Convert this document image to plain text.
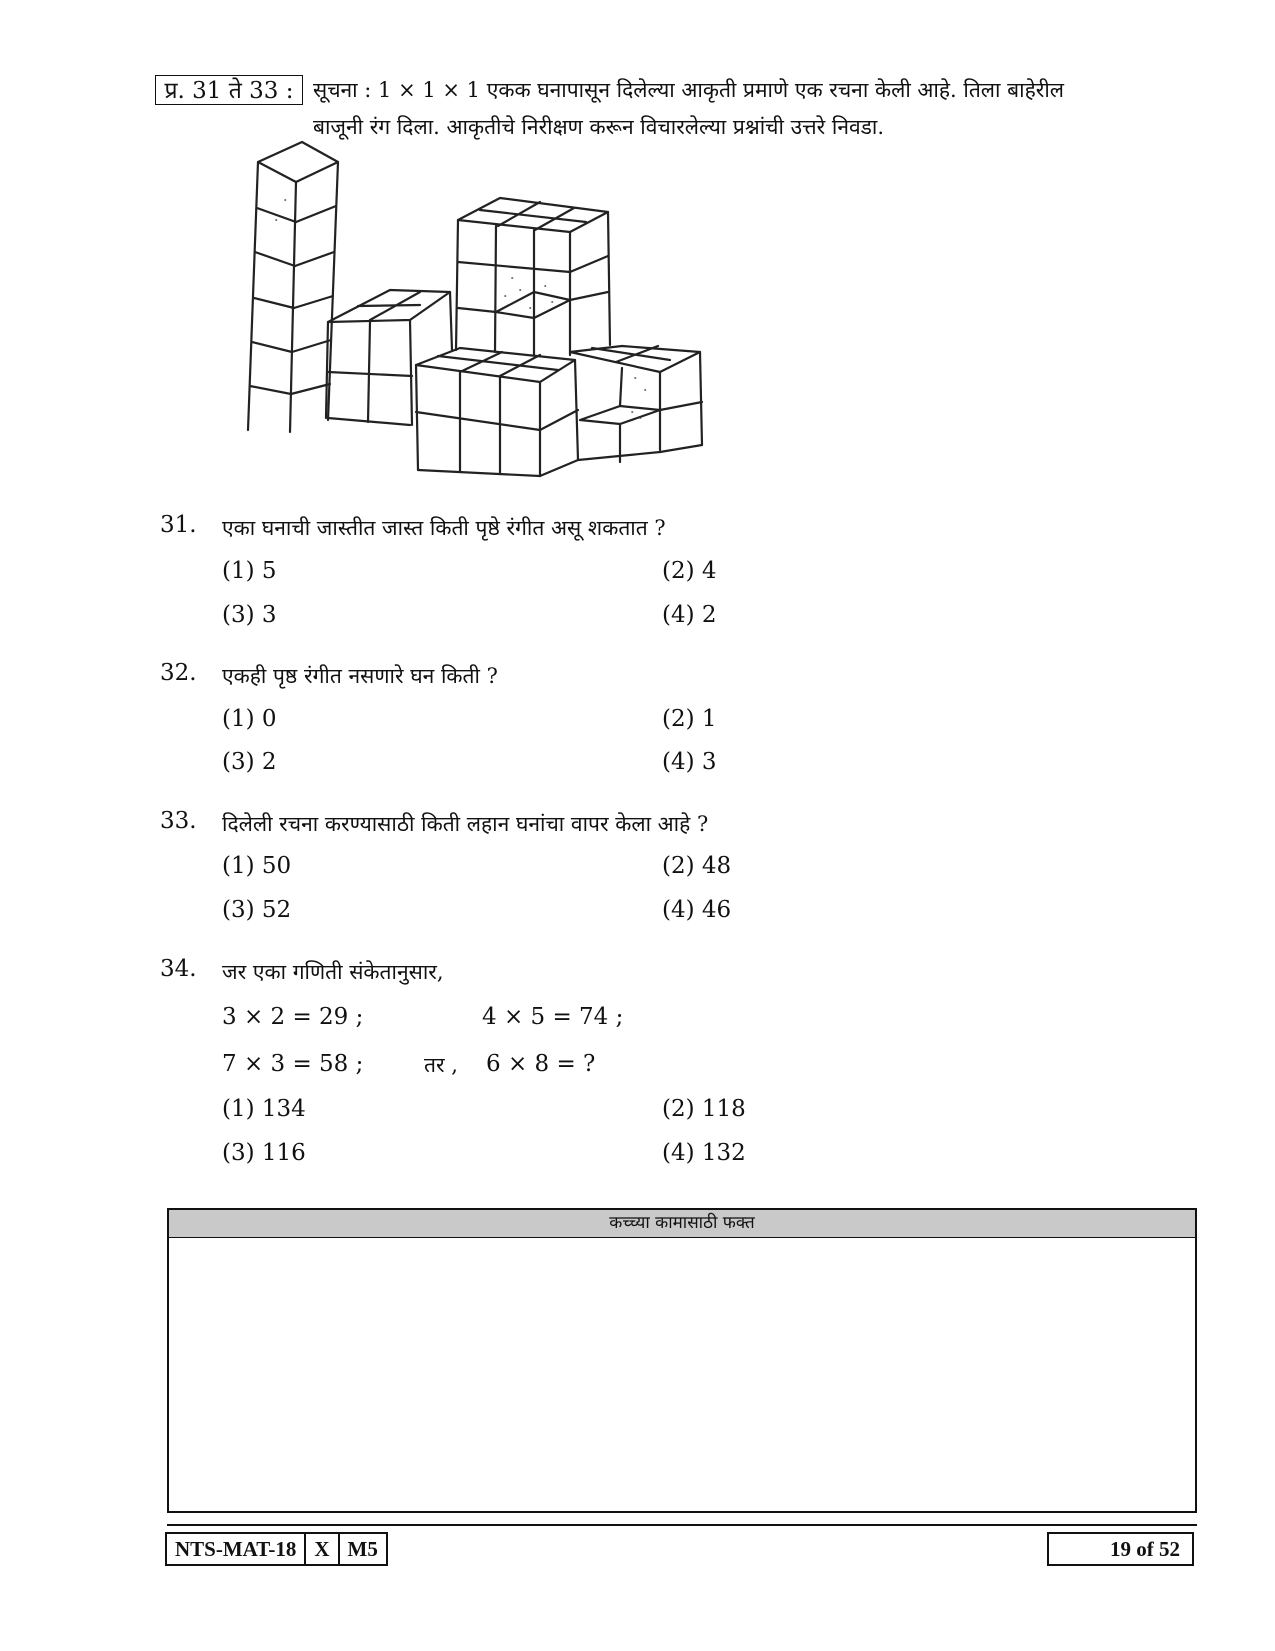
प्र. 31 ते 33 : सूचना : 1 × 1 × 1 एकक घनापासून दिलेल्या आकृती प्रमाणे एक रचना केली आहे. तिला बाहेरील
बाजूनी रंग दिला. आकृतीचे निरीक्षण करून विचारलेल्या प्रश्नांची उत्तरे निवडा.
31. एका घनाची जास्तीत जास्त किती पृष्ठे रंगीत असू शकतात ?
(1) 5	(2) 4
(3) 3	(4) 2
32. एकही पृष्ठ रंगीत नसणारे घन किती ?
(1) 0	(2) 1
(3) 2	(4) 3
33. दिलेली रचना करण्यासाठी किती लहान घनांचा वापर केला आहे ?
(1) 50	(2) 48
(3) 52	(4) 46
34. जर एका गणिती संकेतानुसार,
3 × 2 = 29 ;	4 × 5 = 74 ;
7 × 3 = 58 ;	तर , 6 × 8 = ?
(1) 134	(2) 118
(3) 116	(4) 132
कच्च्या कामासाठी फक्त
NTS-MAT-18 X M5	19 of 52
